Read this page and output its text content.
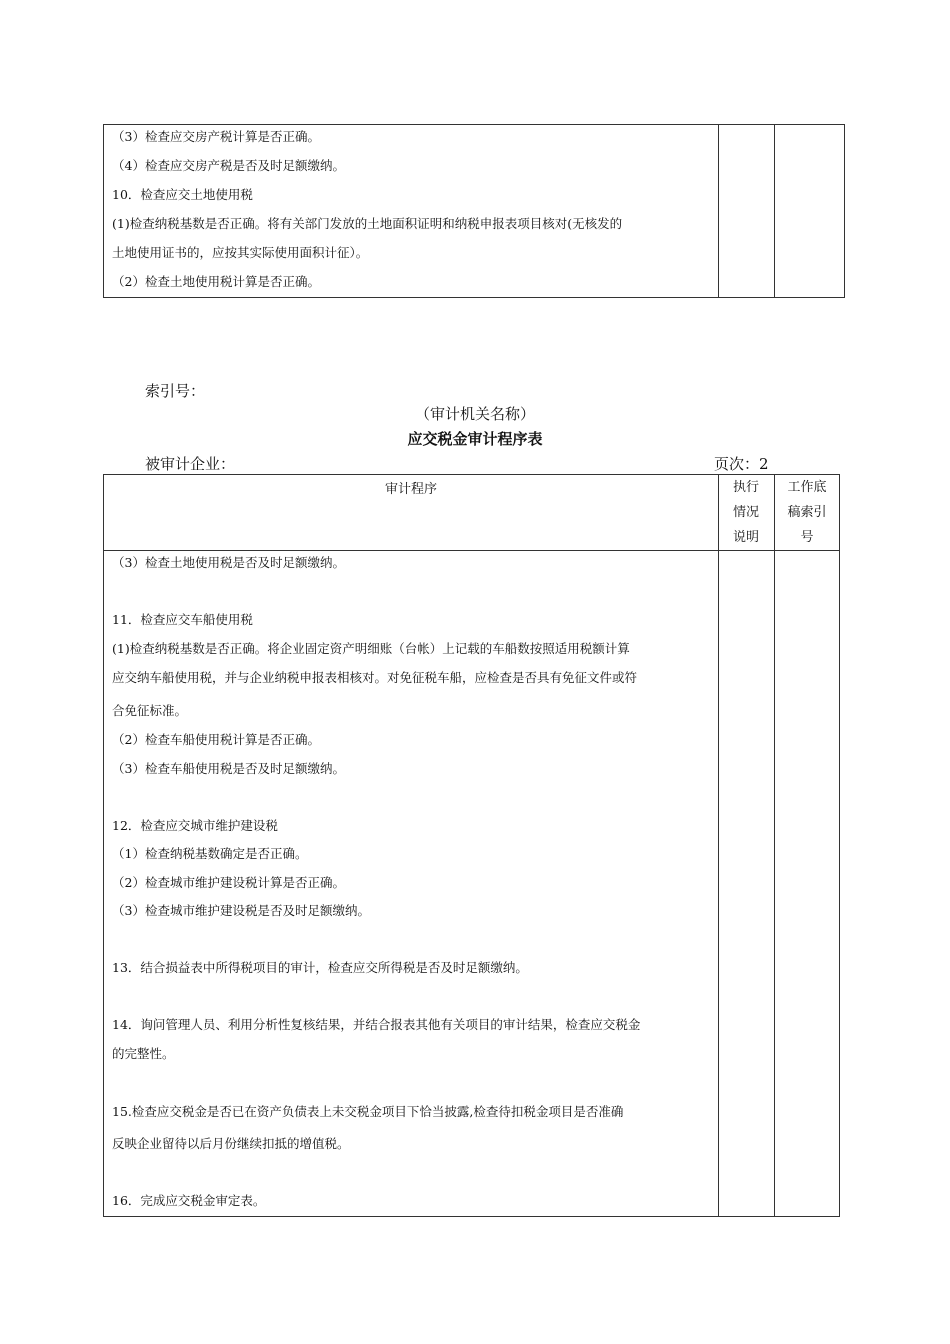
（3）检查应交房产税计算是否正确。
（4）检查应交房产税是否及时足额缴纳。
10．检查应交土地使用税
(1)检查纳税基数是否正确。将有关部门发放的土地面积证明和纳税申报表项目核对(无核发的
土地使用证书的，应按其实际使用面积计征）。
（2）检查土地使用税计算是否正确。
索引号：
（审计机关名称）
应交税金审计程序表
被审计企业：	页次：2
审计程序	执行
情况
说明
工作底
稿索引
号
（3）检查土地使用税是否及时足额缴纳。
11．检查应交车船使用税
(1)检查纳税基数是否正确。将企业固定资产明细账（台帐）上记载的车船数按照适用税额计算
应交纳车船使用税，并与企业纳税申报表相核对。对免征税车船，应检查是否具有免征文件或符
合免征标准。
（2）检查车船使用税计算是否正确。
（3）检查车船使用税是否及时足额缴纳。
12．检查应交城市维护建设税
（1）检查纳税基数确定是否正确。
（2）检查城市维护建设税计算是否正确。
（3）检查城市维护建设税是否及时足额缴纳。
13．结合损益表中所得税项目的审计，检查应交所得税是否及时足额缴纳。
14．询问管理人员、利用分析性复核结果，并结合报表其他有关项目的审计结果，检查应交税金
的完整性。
15.检查应交税金是否已在资产负债表上未交税金项目下恰当披露,检查待扣税金项目是否准确
反映企业留待以后月份继续扣抵的增值税。
16．完成应交税金审定表。
